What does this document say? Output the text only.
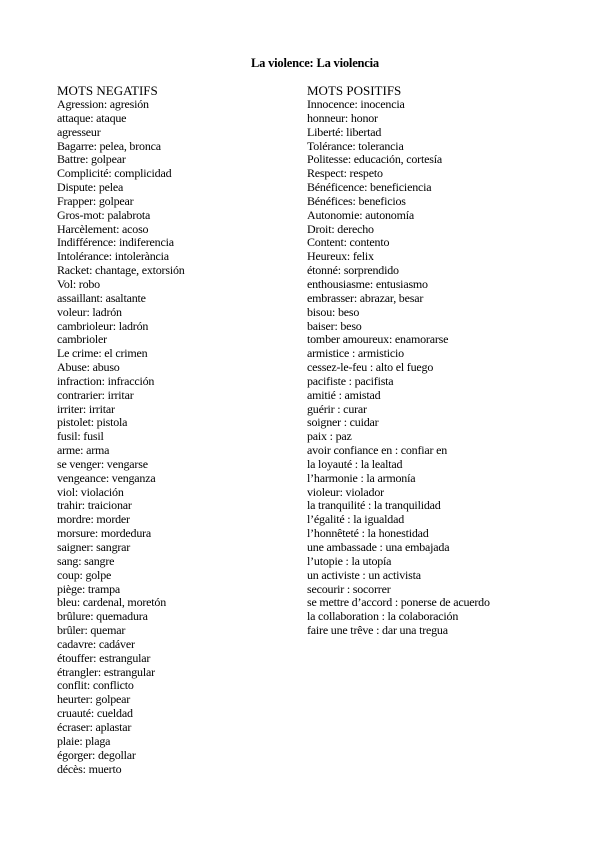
La violence: La violencia
MOTS NEGATIFS
Agression: agresión
attaque: ataque
agresseur
Bagarre: pelea, bronca
Battre: golpear
Complicité: complicidad
Dispute: pelea
Frapper: golpear
Gros-mot: palabrota
Harcèlement: acoso
Indifférence: indiferencia
Intolérance: intolerància
Racket: chantage, extorsión
Vol: robo
assaillant: asaltante
voleur: ladrón
cambrioleur: ladrón
cambrioler
Le crime: el crimen
Abuse: abuso
infraction: infracción
contrarier: irritar
irriter: irritar
pistolet: pistola
fusil: fusil
arme: arma
se venger: vengarse
vengeance: venganza
viol: violación
trahir: traicionar
mordre: morder
morsure: mordedura
saigner: sangrar
sang: sangre
coup: golpe
piège: trampa
bleu: cardenal, moretón
brûlure: quemadura
brûler: quemar
cadavre: cadáver
étouffer: estrangular
étrangler: estrangular
conflit: conflicto
heurter: golpear
cruauté: cueldad
écraser: aplastar
plaie: plaga
égorger: degollar
décès: muerto
MOTS POSITIFS
Innocence: inocencia
honneur: honor
Liberté: libertad
Tolérance: tolerancia
Politesse: educación, cortesía
Respect: respeto
Bénéficence: beneficiencia
Bénéfices: beneficios
Autonomie: autonomía
Droit: derecho
Content: contento
Heureux: felix
étonné: sorprendido
enthousiasme: entusiasmo
embrasser: abrazar, besar
bisou: beso
baiser: beso
tomber amoureux: enamorarse
armistice : armisticio
cessez-le-feu : alto el fuego
pacifiste : pacifista
amitié : amistad
guérir : curar
soigner : cuidar
paix : paz
avoir confiance en : confiar en
la loyauté : la lealtad
l’harmonie : la armonía
violeur: violador
la tranquilité : la tranquilidad
l’égalité : la igualdad
l’honnêteté : la honestidad
une ambassade : una embajada
l’utopie : la utopía
un activiste : un activista
secourir : socorrer
se mettre d’accord : ponerse de acuerdo
la collaboration : la colaboración
faire une trêve : dar una tregua
